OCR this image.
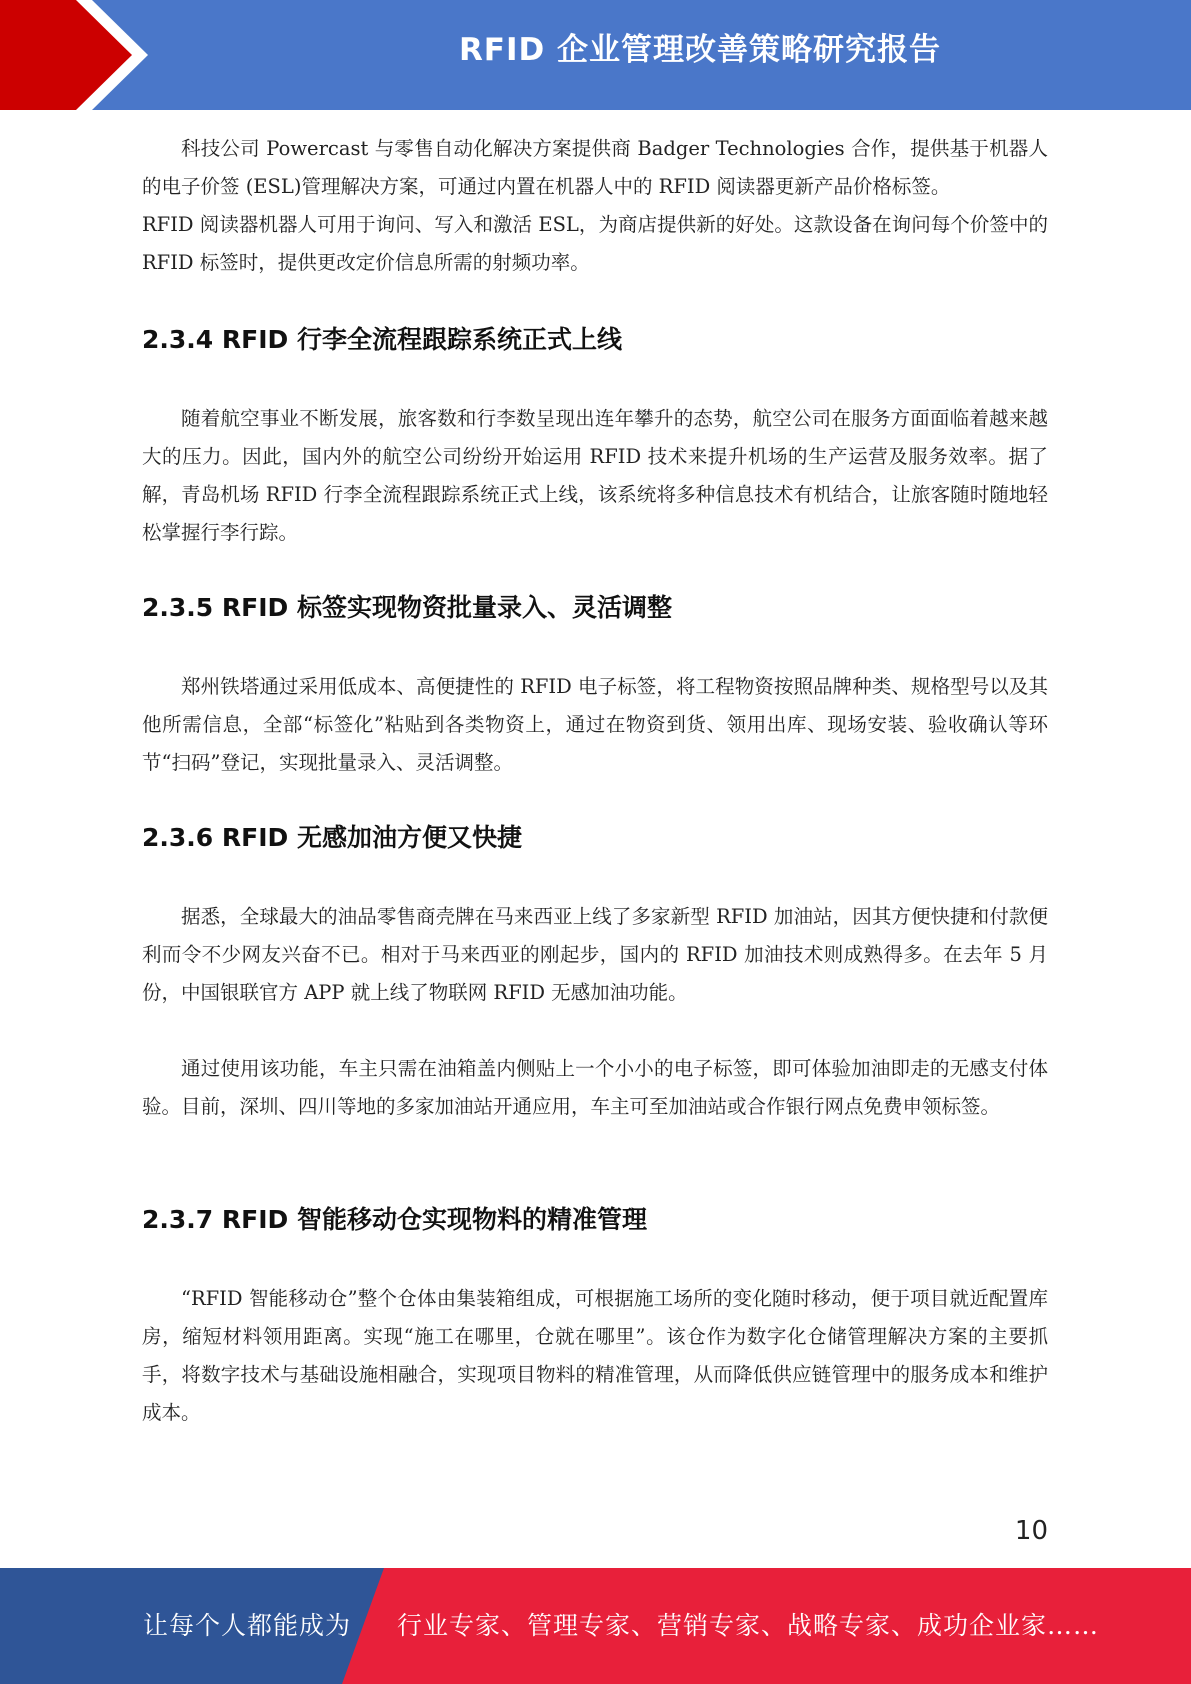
RFID 企业管理改善策略研究报告

科技公司 Powercast 与零售自动化解决方案提供商 Badger Technologies 合作，提供基于机器人的电子价签 (ESL)管理解决方案，可通过内置在机器人中的 RFID 阅读器更新产品价格标签。

RFID 阅读器机器人可用于询问、写入和激活 ESL，为商店提供新的好处。这款设备在询问每个价签中的 RFID 标签时，提供更改定价信息所需的射频功率。

2.3.4 RFID 行李全流程跟踪系统正式上线

随着航空事业不断发展，旅客数和行李数呈现出连年攀升的态势，航空公司在服务方面面临着越来越大的压力。因此，国内外的航空公司纷纷开始运用 RFID 技术来提升机场的生产运营及服务效率。据了解，青岛机场 RFID 行李全流程跟踪系统正式上线，该系统将多种信息技术有机结合，让旅客随时随地轻松掌握行李行踪。

2.3.5 RFID 标签实现物资批量录入、灵活调整

郑州铁塔通过采用低成本、高便捷性的 RFID 电子标签，将工程物资按照品牌种类、规格型号以及其他所需信息，全部“标签化”粘贴到各类物资上，通过在物资到货、领用出库、现场安装、验收确认等环节“扫码”登记，实现批量录入、灵活调整。

2.3.6 RFID 无感加油方便又快捷

据悉，全球最大的油品零售商壳牌在马来西亚上线了多家新型 RFID 加油站，因其方便快捷和付款便利而令不少网友兴奋不已。相对于马来西亚的刚起步，国内的 RFID 加油技术则成熟得多。在去年 5 月份，中国银联官方 APP 就上线了物联网 RFID 无感加油功能。

通过使用该功能，车主只需在油箱盖内侧贴上一个小小的电子标签，即可体验加油即走的无感支付体验。目前，深圳、四川等地的多家加油站开通应用，车主可至加油站或合作银行网点免费申领标签。

2.3.7 RFID 智能移动仓实现物料的精准管理

“RFID 智能移动仓”整个仓体由集装箱组成，可根据施工场所的变化随时移动，便于项目就近配置库房，缩短材料领用距离。实现“施工在哪里，仓就在哪里”。该仓作为数字化仓储管理解决方案的主要抓手，将数字技术与基础设施相融合，实现项目物料的精准管理，从而降低供应链管理中的服务成本和维护成本。

10
让每个人都能成为 行业专家、管理专家、营销专家、战略专家、成功企业家……
